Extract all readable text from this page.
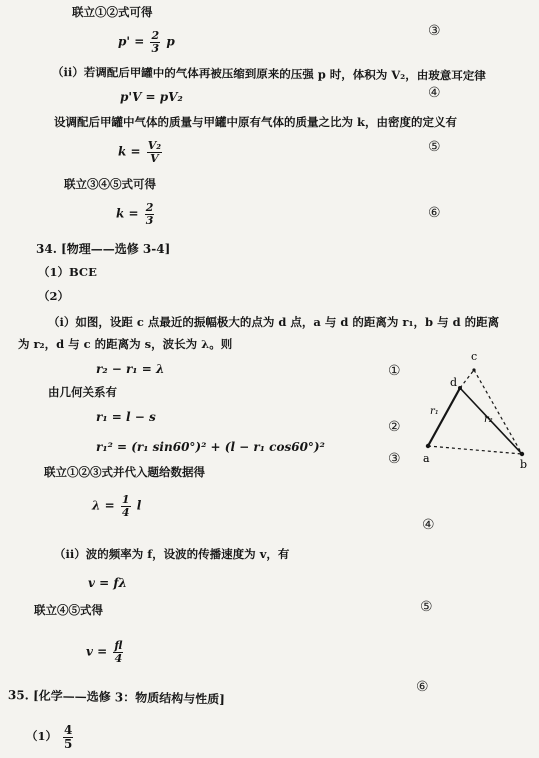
联立①②式可得
$p' = \frac{2}{3}$ p
③
（ii）若调配后甲罐中的气体再被压缩到原来的压强 p 时，体积为 V₂，由玻意耳定律
p'V = pV₂	④
设调配后甲罐中气体的质量与甲罐中原有气体的质量之比为 k，由密度的定义有
$k = \frac{\text{V₂}}{V}$	⑤
联立③④⑤式可得
$k = \frac{2}{3}$	⑥
34. [物理——选修 3-4]
（1）BCE
（2）
（i）如图，设距 c 点最近的振幅极大的点为 d 点，a 与 d 的距离为 r₁，b 与 d 的距离
为 r₂，d 与 c 的距离为 s，波长为 λ。则
r₂ − r₁ = λ	①
由几何关系有
r₁ = l − s
②
r₁² = (r₁ sin60°)² + (l − r₁ cos60°)²
③
联立①②③式并代入题给数据得
$\lambda = \frac{1}{4}$ l
④
（ii）波的频率为 f，设波的传播速度为 v，有
v = fλ
⑤
联立④⑤式得
$v = \frac{fl}{4}$
⑥
c
d
a	b
r₁
r₂
35. [化学——选修 3：物质结构与性质]
$(1) \frac{4}{5}$
